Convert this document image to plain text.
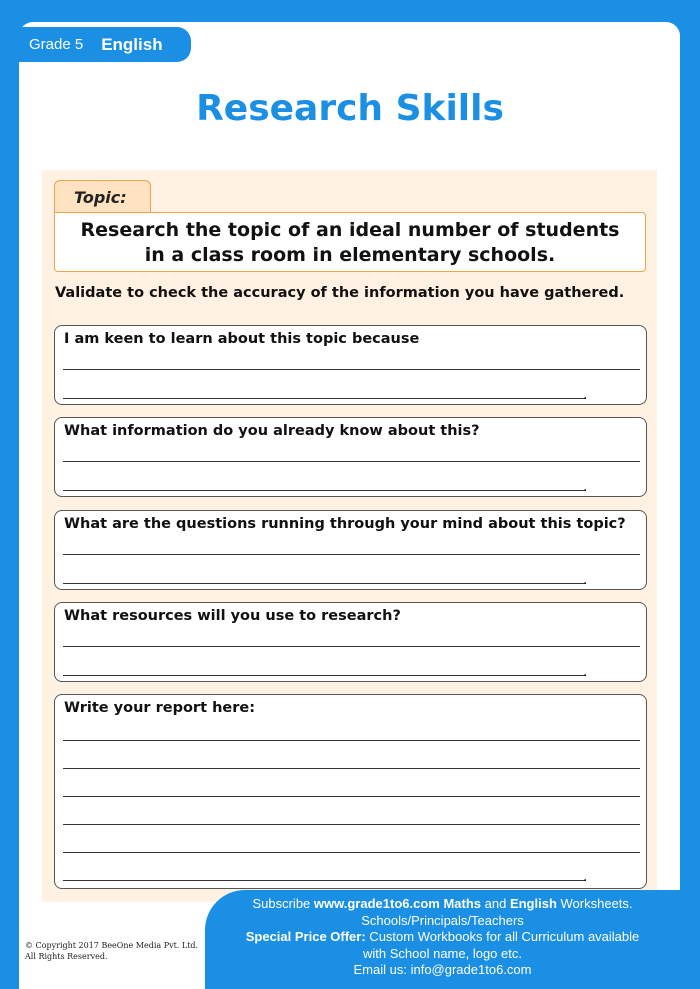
Grade 5 English
Research Skills
Topic:
Research the topic of an ideal number of students
in a class room in elementary schools.
Validate to check the accuracy of the information you have gathered.
I am keen to learn about this topic because
.
What information do you already know about this?
.
What are the questions running through your mind about this topic?
.
What resources will you use to research?
.
Write your report here:
.
© Copyright 2017 BeeOne Media Pvt. Ltd.
All Rights Reserved.
Subscribe www.grade1to6.com Maths and English Worksheets.
Schools/Principals/Teachers
Special Price Offer: Custom Workbooks for all Curriculum available
with School name, logo etc.
Email us: info@grade1to6.com
